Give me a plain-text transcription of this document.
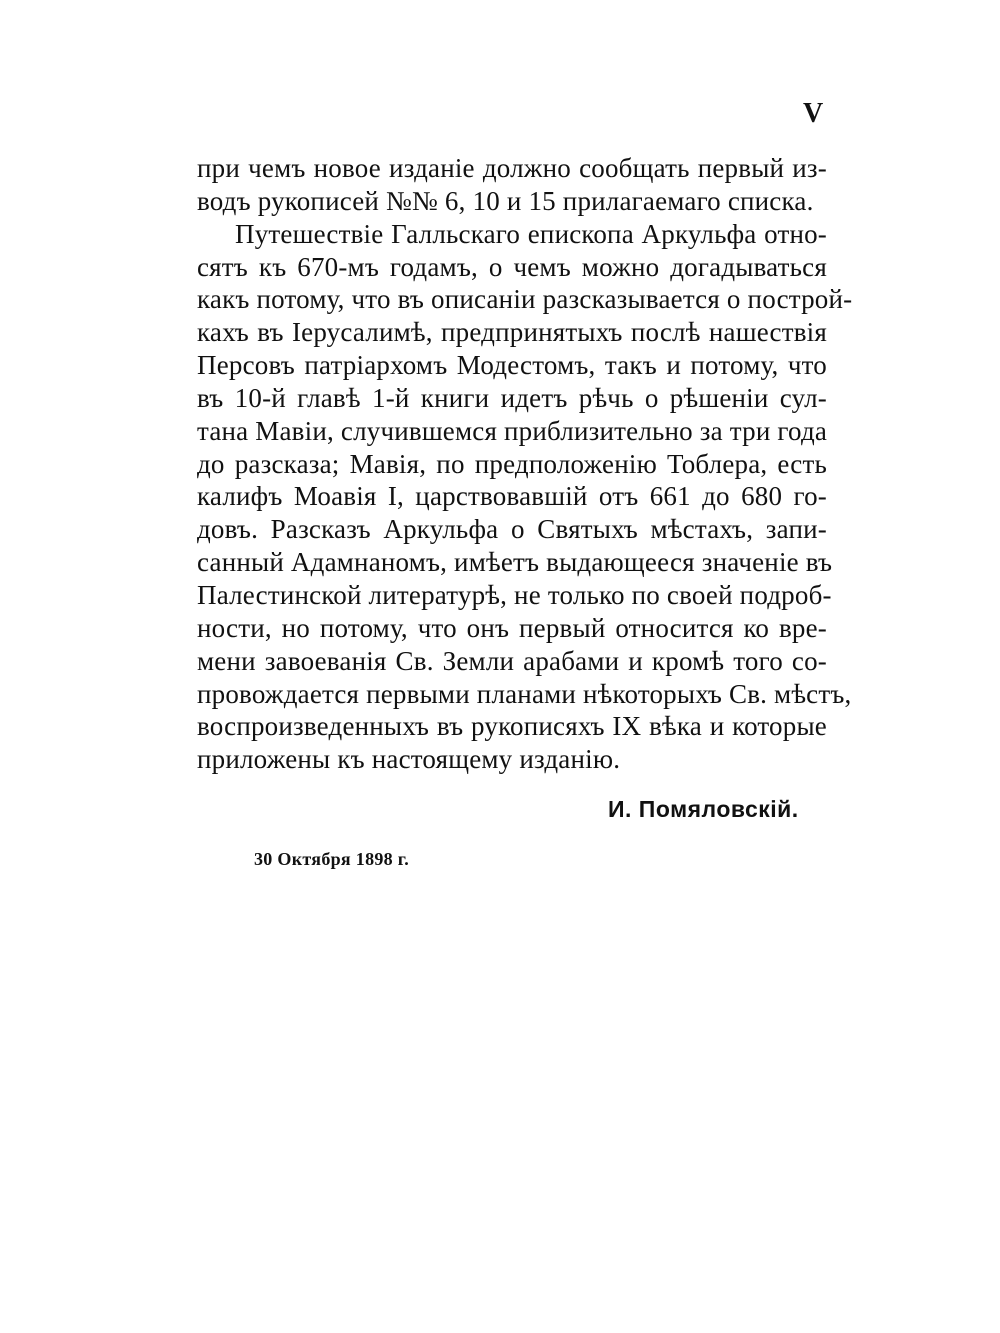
V
при чемъ новое изданіе должно сообщать первый из-
водъ рукописей №№ 6, 10 и 15 прилагаемаго списка.
Путешествіе Галльскаго епископа Аркульфа отно-
сятъ къ 670-мъ годамъ, о чемъ можно догадываться
какъ потому, что въ описаніи разсказывается о построй-
кахъ въ Іерусалимѣ, предпринятыхъ послѣ нашествія
Персовъ патріархомъ Модестомъ, такъ и потому, что
въ 10-й главѣ 1-й книги идетъ рѣчь о рѣшеніи сул-
тана Мавіи, случившемся приблизительно за три года
до разсказа; Мавія, по предположенію Тоблера, есть
калифъ Моавія I, царствовавшій отъ 661 до 680 го-
довъ. Разсказъ Аркульфа о Святыхъ мѣстахъ, запи-
санный Адамнаномъ, имѣетъ выдающееся значеніе въ
Палестинской литературѣ, не только по своей подроб-
ности, но потому, что онъ первый относится ко вре-
мени завоеванія Св. Земли арабами и кромѣ того со-
провождается первыми планами нѣкоторыхъ Св. мѣстъ,
воспроизведенныхъ въ рукописяхъ IX вѣка и которые
приложены къ настоящему изданію.
И. Помяловскій.
30 Октября 1898 г.
